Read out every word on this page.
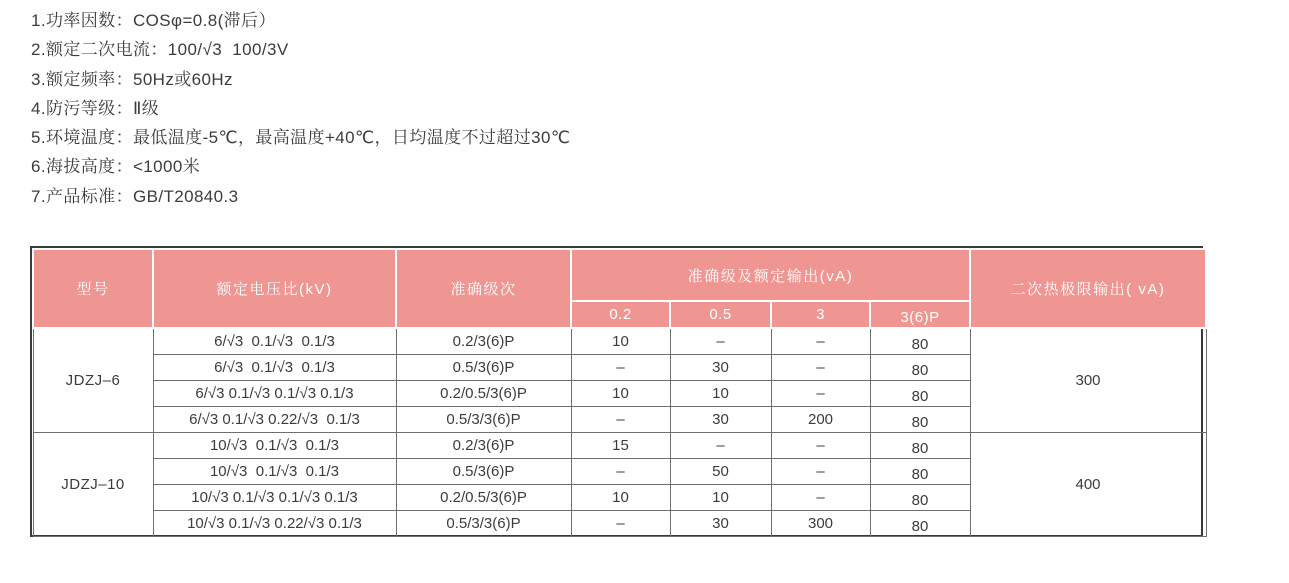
1.功率因数：COSφ=0.8(滞后）
2.额定二次电流：100/√3  100/3V
3.额定频率：50Hz或60Hz
4.防污等级：Ⅱ级
5.环境温度：最低温度-5℃，最高温度+40℃，日均温度不过超过30℃
6.海拔高度：<1000米
7.产品标准：GB/T20840.3
型号	额定电压比(kV)	准确级次	准确级及额定输出(vA)				二次热极限输出( vA)
			0.2	0.5	3	3(6)P	
JDZJ–6	6/√3  0.1/√3  0.1/3	0.2/3(6)P	10	–	–	80	300
	6/√3  0.1/√3  0.1/3	0.5/3(6)P	–	30	–	80	
	6/√3 0.1/√3 0.1/√3 0.1/3	0.2/0.5/3(6)P	10	10	–	80	
	6/√3 0.1/√3 0.22/√3  0.1/3	0.5/3/3(6)P	–	30	200	80	
JDZJ–10	10/√3  0.1/√3  0.1/3	0.2/3(6)P	15	–	–	80	400
	10/√3  0.1/√3  0.1/3	0.5/3(6)P	–	50	–	80	
	10/√3 0.1/√3 0.1/√3 0.1/3	0.2/0.5/3(6)P	10	10	–	80	
	10/√3 0.1/√3 0.22/√3 0.1/3	0.5/3/3(6)P	–	30	300	80	
